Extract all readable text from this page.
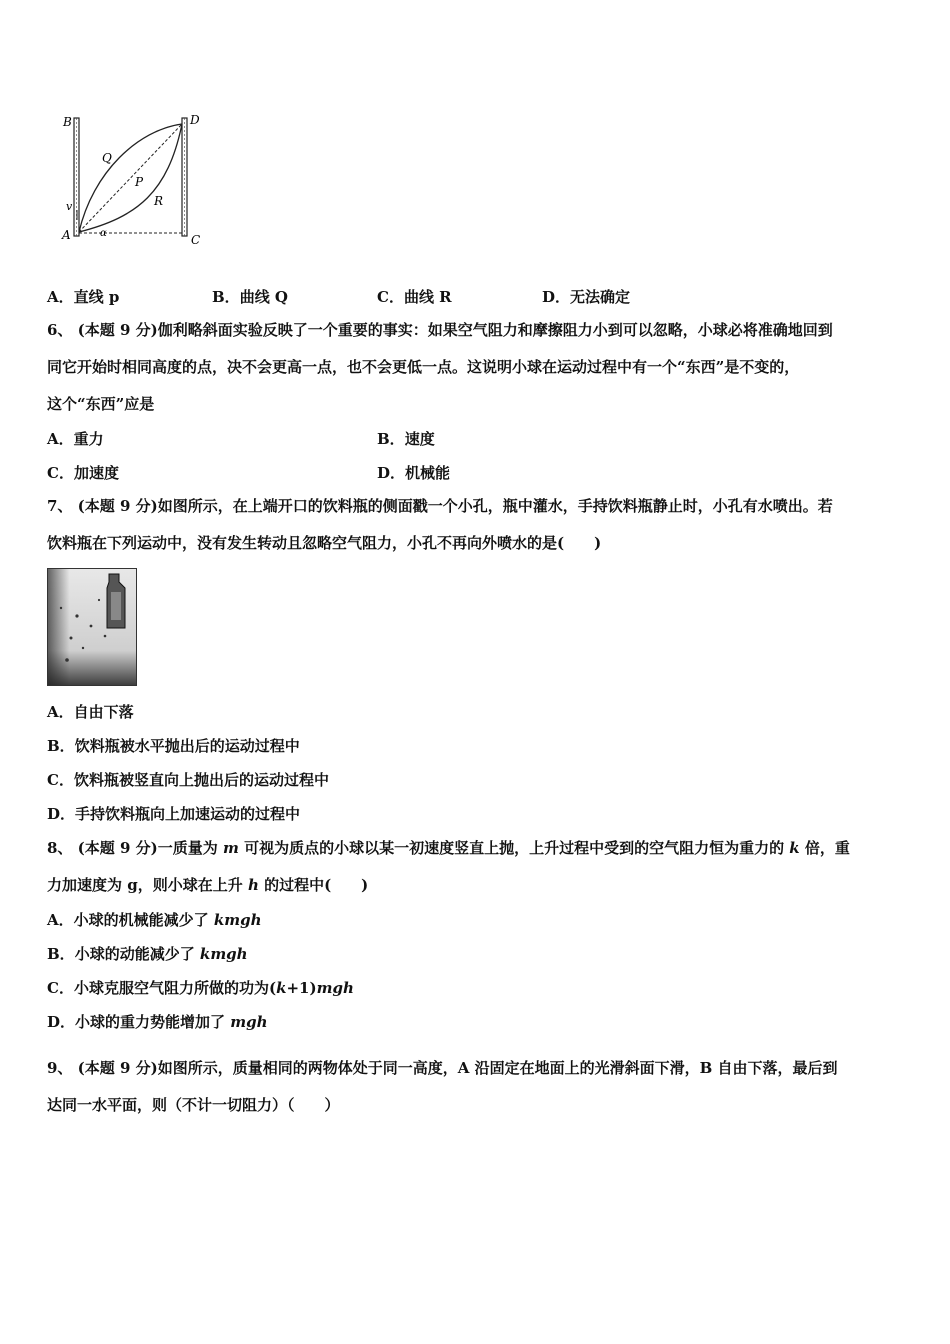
B	D
Q
P
R
v
A	α	C
A．直线 p	B．曲线 Q	C．曲线 R	D．无法确定
6、 (本题 9 分)伽利略斜面实验反映了一个重要的事实：如果空气阻力和摩擦阻力小到可以忽略，小球必将准确地回到
同它开始时相同高度的点，决不会更高一点，也不会更低一点。这说明小球在运动过程中有一个“东西”是不变的，
这个“东西”应是
A．重力	B．速度
C．加速度	D．机械能
7、 (本题 9 分)如图所示，在上端开口的饮料瓶的侧面戳一个小孔，瓶中灌水，手持饮料瓶静止时，小孔有水喷出。若
饮料瓶在下列运动中，没有发生转动且忽略空气阻力，小孔不再向外喷水的是(　　)
A．自由下落
B．饮料瓶被水平抛出后的运动过程中
C．饮料瓶被竖直向上抛出后的运动过程中
D．手持饮料瓶向上加速运动的过程中
8、 (本题 9 分)一质量为 m 可视为质点的小球以某一初速度竖直上抛，上升过程中受到的空气阻力恒为重力的 k 倍，重
力加速度为 g，则小球在上升 h 的过程中(　　)
A．小球的机械能减少了 kmgh
B．小球的动能减少了 kmgh
C．小球克服空气阻力所做的功为(k+1)mgh
D．小球的重力势能增加了 mgh
9、 (本题 9 分)如图所示，质量相同的两物体处于同一高度，A 沿固定在地面上的光滑斜面下滑，B 自由下落，最后到
达同一水平面，则（不计一切阻力）（　　）
